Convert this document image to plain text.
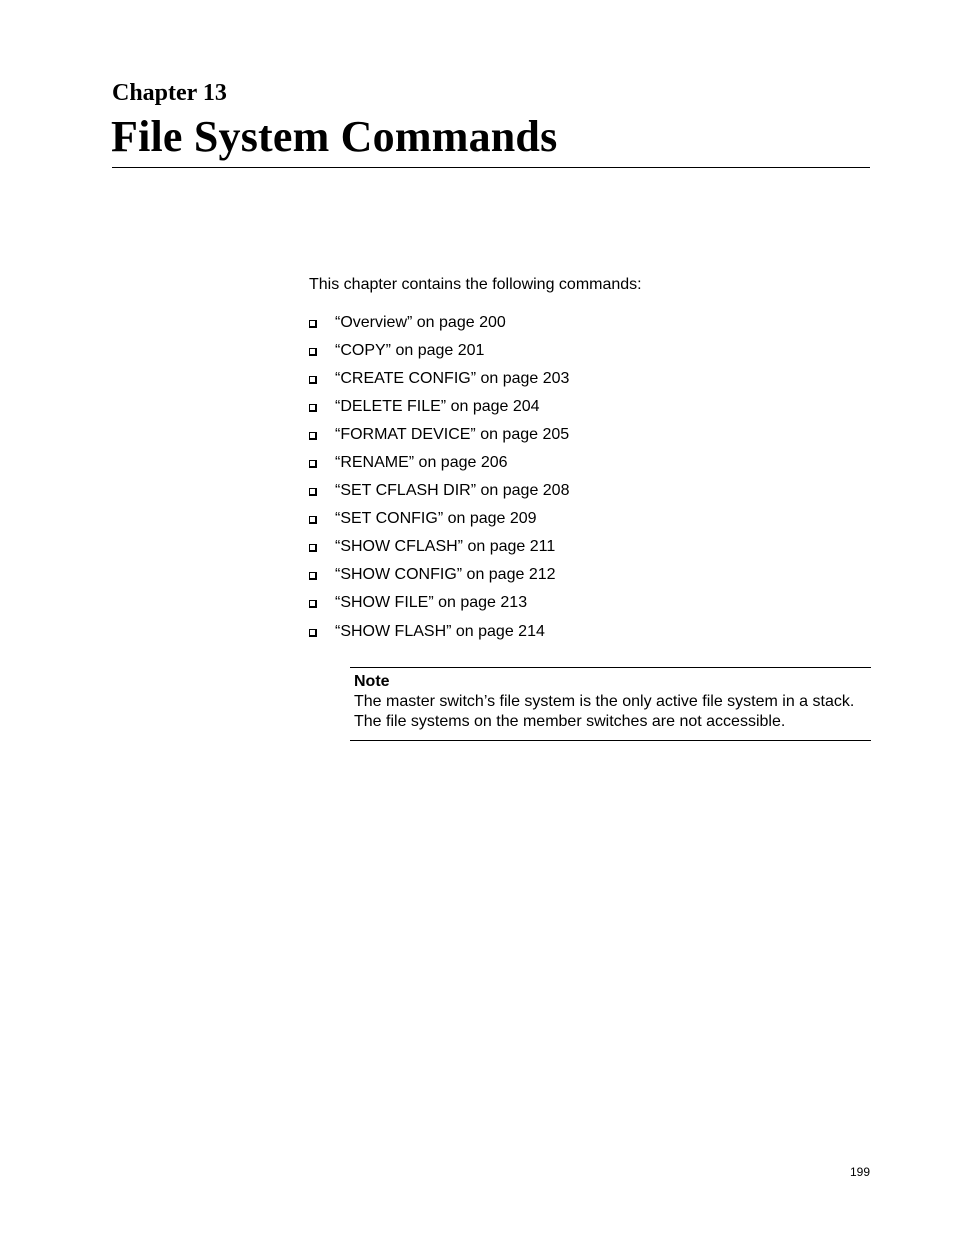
Chapter 13
File System Commands
This chapter contains the following commands:
“Overview” on page 200
“COPY” on page 201
“CREATE CONFIG” on page 203
“DELETE FILE” on page 204
“FORMAT DEVICE” on page 205
“RENAME” on page 206
“SET CFLASH DIR” on page 208
“SET CONFIG” on page 209
“SHOW CFLASH” on page 211
“SHOW CONFIG” on page 212
“SHOW FILE” on page 213
“SHOW FLASH” on page 214
Note
The master switch’s file system is the only active file system in a stack. The file systems on the member switches are not accessible.
199
